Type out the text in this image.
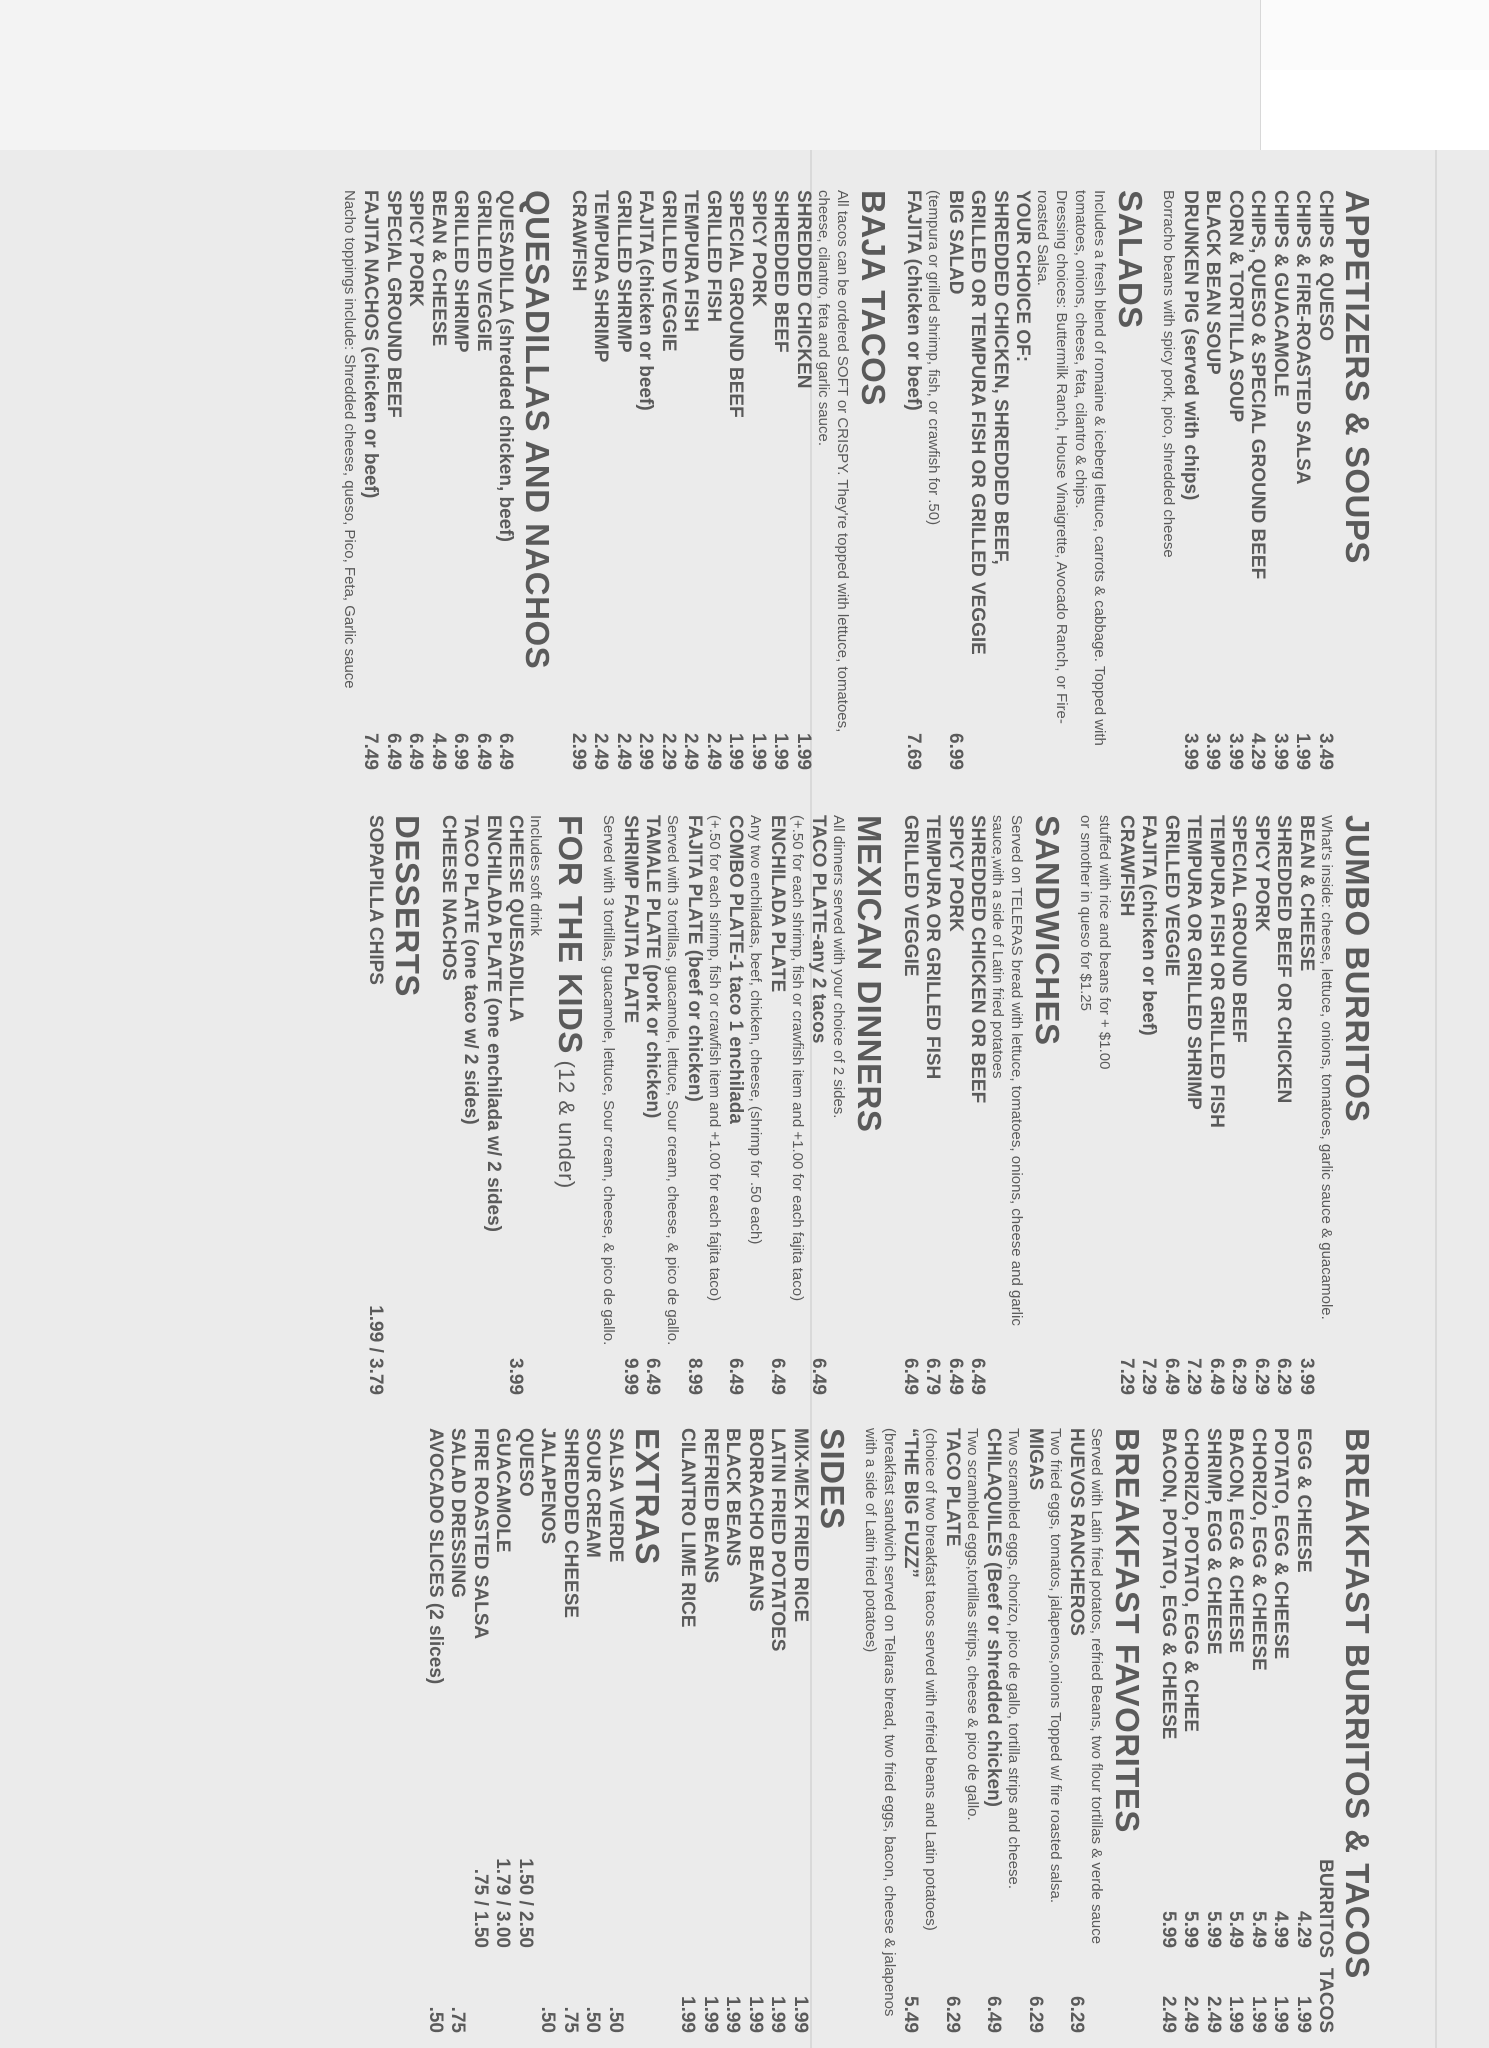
APPETIZERS & SOUPS
CHIPS & QUESO
3.49
CHIPS & FIRE-ROASTED SALSA
1.99
CHIPS & GUACAMOLE
3.99
CHIPS, QUESO & SPECIAL GROUND BEEF
4.29
CORN & TORTILLA SOUP
3.99
BLACK BEAN SOUP
3.99
DRUNKEN PIG (served with chips)
3.99
Borracho beans with spicy pork, pico, shredded cheese
SALADS
Includes a fresh blend of romaine & iceberg lettuce, carrots & cabbage. Topped with tomatoes, onions, cheese, feta, cilantro & chips.
Dressing choices: Buttermilk Ranch, House Vinaigrette, Avocado Ranch, or Fire- roasted Salsa.
YOUR CHOICE OF:
SHREDDED CHICKEN, SHREDDED BEEF,
GRILLED OR TEMPURA FISH OR GRILLED VEGGIE
BIG SALAD
6.99
(tempura or grilled shrimp, fish, or crawfish for .50)
FAJITA (chicken or beef)
7.69
BAJA TACOS
All tacos can be ordered SOFT or CRISPY. They're topped with lettuce, tomatoes, cheese, cilantro, feta and garlic sauce.
SHREDDED CHICKEN
1.99
SHREDDED BEEF
1.99
SPICY PORK
1.99
SPECIAL GROUND BEEF
1.99
GRILLED FISH
2.49
TEMPURA FISH
2.49
GRILLED VEGGIE
2.29
FAJITA (chicken or beef)
2.99
GRILLED SHRIMP
2.49
TEMPURA SHRIMP
2.49
CRAWFISH
2.99
QUESADILLAS AND NACHOS
QUESADILLA (shredded chicken, beef)
6.49
GRILLED VEGGIE
6.49
GRILLED SHRIMP
6.99
BEAN & CHEESE
4.49
SPICY PORK
6.49
SPECIAL GROUND BEEF
6.49
FAJITA NACHOS (chicken or beef)
7.49
Nacho toppings include: Shredded cheese, queso, Pico, Feta, Garlic sauce
JUMBO BURRITOS
What's inside: cheese, lettuce, onions, tomatoes, garlic sauce & guacamole.
BEAN & CHEESE
3.99
SHREDDED BEEF OR CHICKEN
6.29
SPICY PORK
6.29
SPECIAL GROUND BEEF
6.29
TEMPURA FISH OR GRILLED FISH
6.49
TEMPURA OR GRILLED SHRIMP
7.29
GRILLED VEGGIE
6.49
FAJITA (chicken or beef)
7.29
CRAWFISH
7.29
stuffed with rice and beans for + $1.00
or smother in queso for $1.25
SANDWICHES
Served on TELERAS bread with lettuce, tomatoes, onions, cheese and garlic sauce,with a side of Latin fried potatoes
SHREDDED CHICKEN OR BEEF
6.49
SPICY PORK
6.49
TEMPURA OR GRILLED FISH
6.79
GRILLED VEGGIE
6.49
MEXICAN DINNERS
All dinners served with your choice of 2 sides.
TACO PLATE-any 2 tacos
6.49
(+.50 for each shrimp, fish or crawfish item and +1.00 for each fajita taco)
ENCHILADA PLATE
6.49
Any two enchiladas, beef, chicken, cheese, (shrimp for .50 each)
COMBO PLATE-1 taco 1 enchilada
6.49
(+.50 for each shrimp, fish or crawfish item and +1.00 for each fajita taco)
FAJITA PLATE (beef or chicken)
8.99
Served with 3 tortillas, guacamole, lettuce, Sour cream, cheese, & pico de gallo.
TAMALE PLATE (pork or chicken)
6.49
SHRIMP FAJITA PLATE
9.99
Served with 3 tortillas, guacamole, lettuce, Sour cream, cheese, & pico de gallo.
FOR THE KIDS (12 & under)
Includes soft drink
CHEESE QUESADILLA
3.99
ENCHILADA PLATE (one enchilada w/ 2 sides)
TACO PLATE (one taco w/ 2 sides)
CHEESE NACHOS
DESSERTS
SOPAPILLA CHIPS
1.99 / 3.79
BREAKFAST BURRITOS & TACOS
BURRITOS
TACOS
EGG & CHEESE
4.29
1.99
POTATO, EGG & CHEESE
4.99
1.99
CHORIZO, EGG & CHEESE
5.49
1.99
BACON, EGG & CHEESE
5.49
1.99
SHRIMP, EGG & CHEESE
5.99
2.49
CHORIZO, POTATO, EGG & CHEE
5.99
2.49
BACON, POTATO, EGG & CHEESE
5.99
2.49
BREAKFAST FAVORITES
Served with Latin fried potatos, refried Beans, two flour tortillas & verde sauce
HUEVOS RANCHEROS
6.29
Two fried eggs, tomatos, jalapenos,onions Topped w/ fire roasted salsa.
MIGAS
6.29
Two scrambled eggs, chorizo, pico de gallo, tortilla strips and cheese.
CHILAQUILES (Beef or shredded chicken)
6.49
Two scrambled eggs,tortillas strips, cheese & pico de gallo.
TACO PLATE
6.29
(choice of two breakfast tacos served with refried beans and Latin potatoes)
“THE BIG FUZZ”
5.49
(breakfast sandwich served on Telaras bread, two fried eggs, bacon, cheese & jalapenos with a side of Latin fried potatoes)
SIDES
MIX-MEX FRIED RICE
1.99
LATIN FRIED POTATOES
1.99
BORRACHO BEANS
1.99
BLACK BEANS
1.99
REFRIED BEANS
1.99
CILANTRO LIME RICE
1.99
EXTRAS
SALSA VERDE
.50
SOUR CREAM
.50
SHREDDED CHEESE
.75
JALAPENOS
.50
QUESO
1.50 / 2.50
GUACAMOLE
1.79 / 3.00
FIRE ROASTED SALSA
.75 / 1.50
SALAD DRESSING
.75
AVOCADO SLICES (2 slices)
.50
